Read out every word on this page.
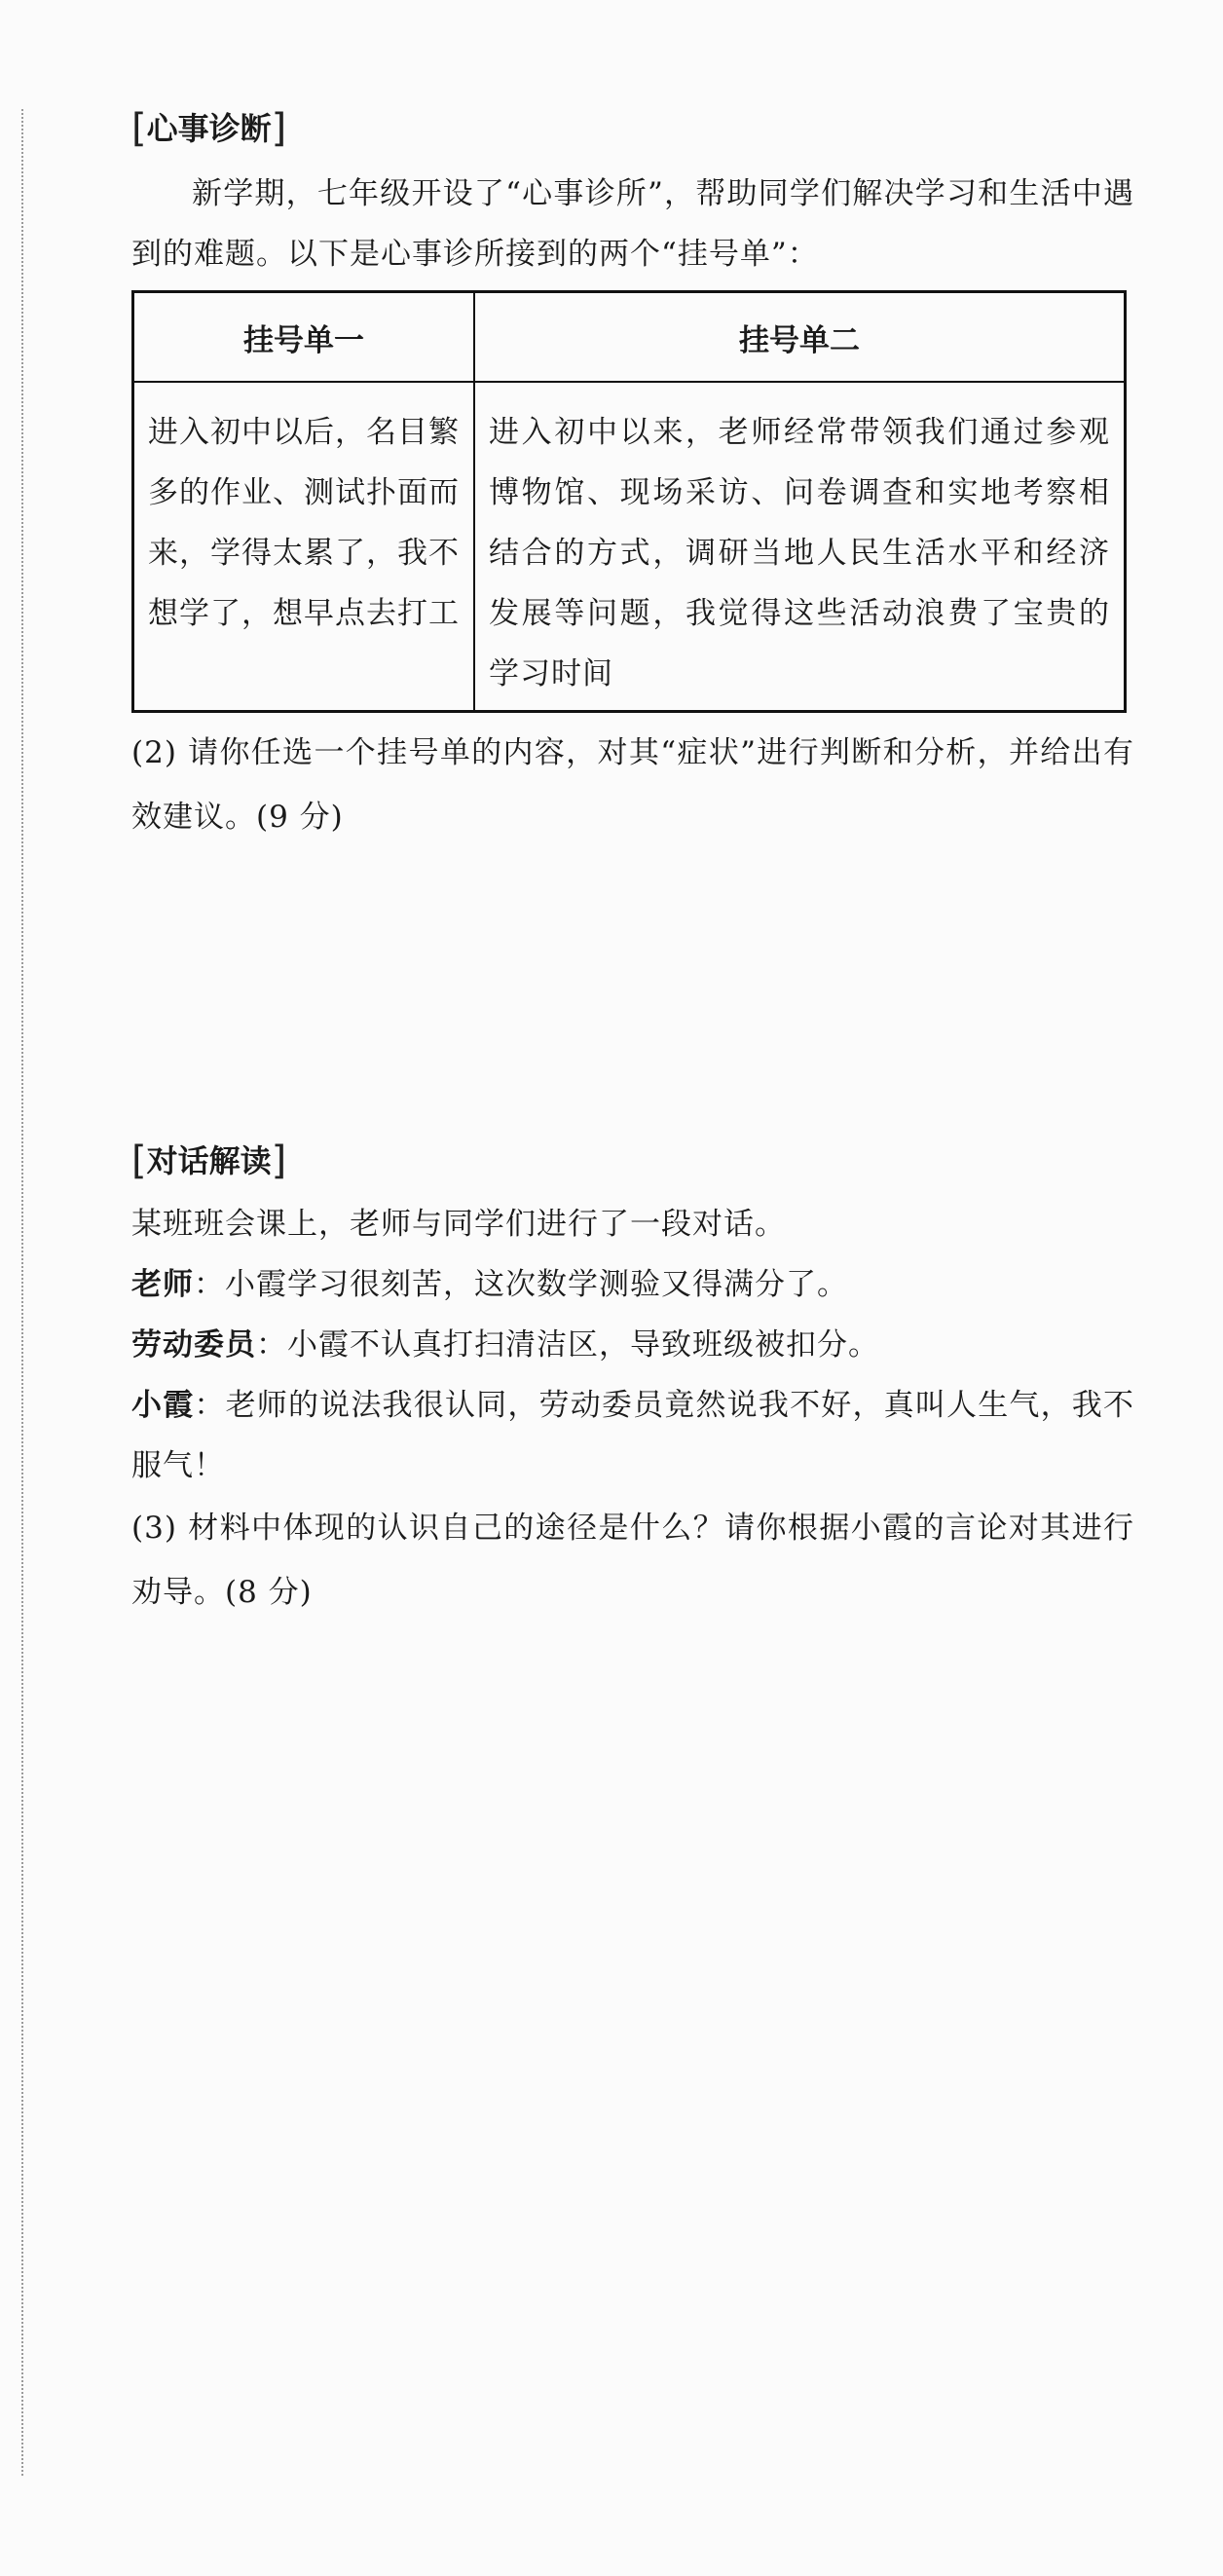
[ 心事诊断 ]

新学期，七年级开设了“心事诊所”，帮助同学们解决学习和生活中遇到的难题。以下是心事诊所接到的两个“挂号单”：

挂号单一	挂号单二
进入初中以后，名目繁多的作业、测试扑面而来，学得太累了，我不想学了，想早点去打工	进入初中以来，老师经常带领我们通过参观博物馆、现场采访、问卷调查和实地考察相结合的方式，调研当地人民生活水平和经济发展等问题，我觉得这些活动浪费了宝贵的学习时间

(2) 请你任选一个挂号单的内容，对其“症状”进行判断和分析，并给出有效建议。(9 分)

[ 对话解读 ]

某班班会课上，老师与同学们进行了一段对话。

老师：小霞学习很刻苦，这次数学测验又得满分了。

劳动委员：小霞不认真打扫清洁区，导致班级被扣分。

小霞：老师的说法我很认同，劳动委员竟然说我不好，真叫人生气，我不服气！

(3) 材料中体现的认识自己的途径是什么？请你根据小霞的言论对其进行劝导。(8 分)
